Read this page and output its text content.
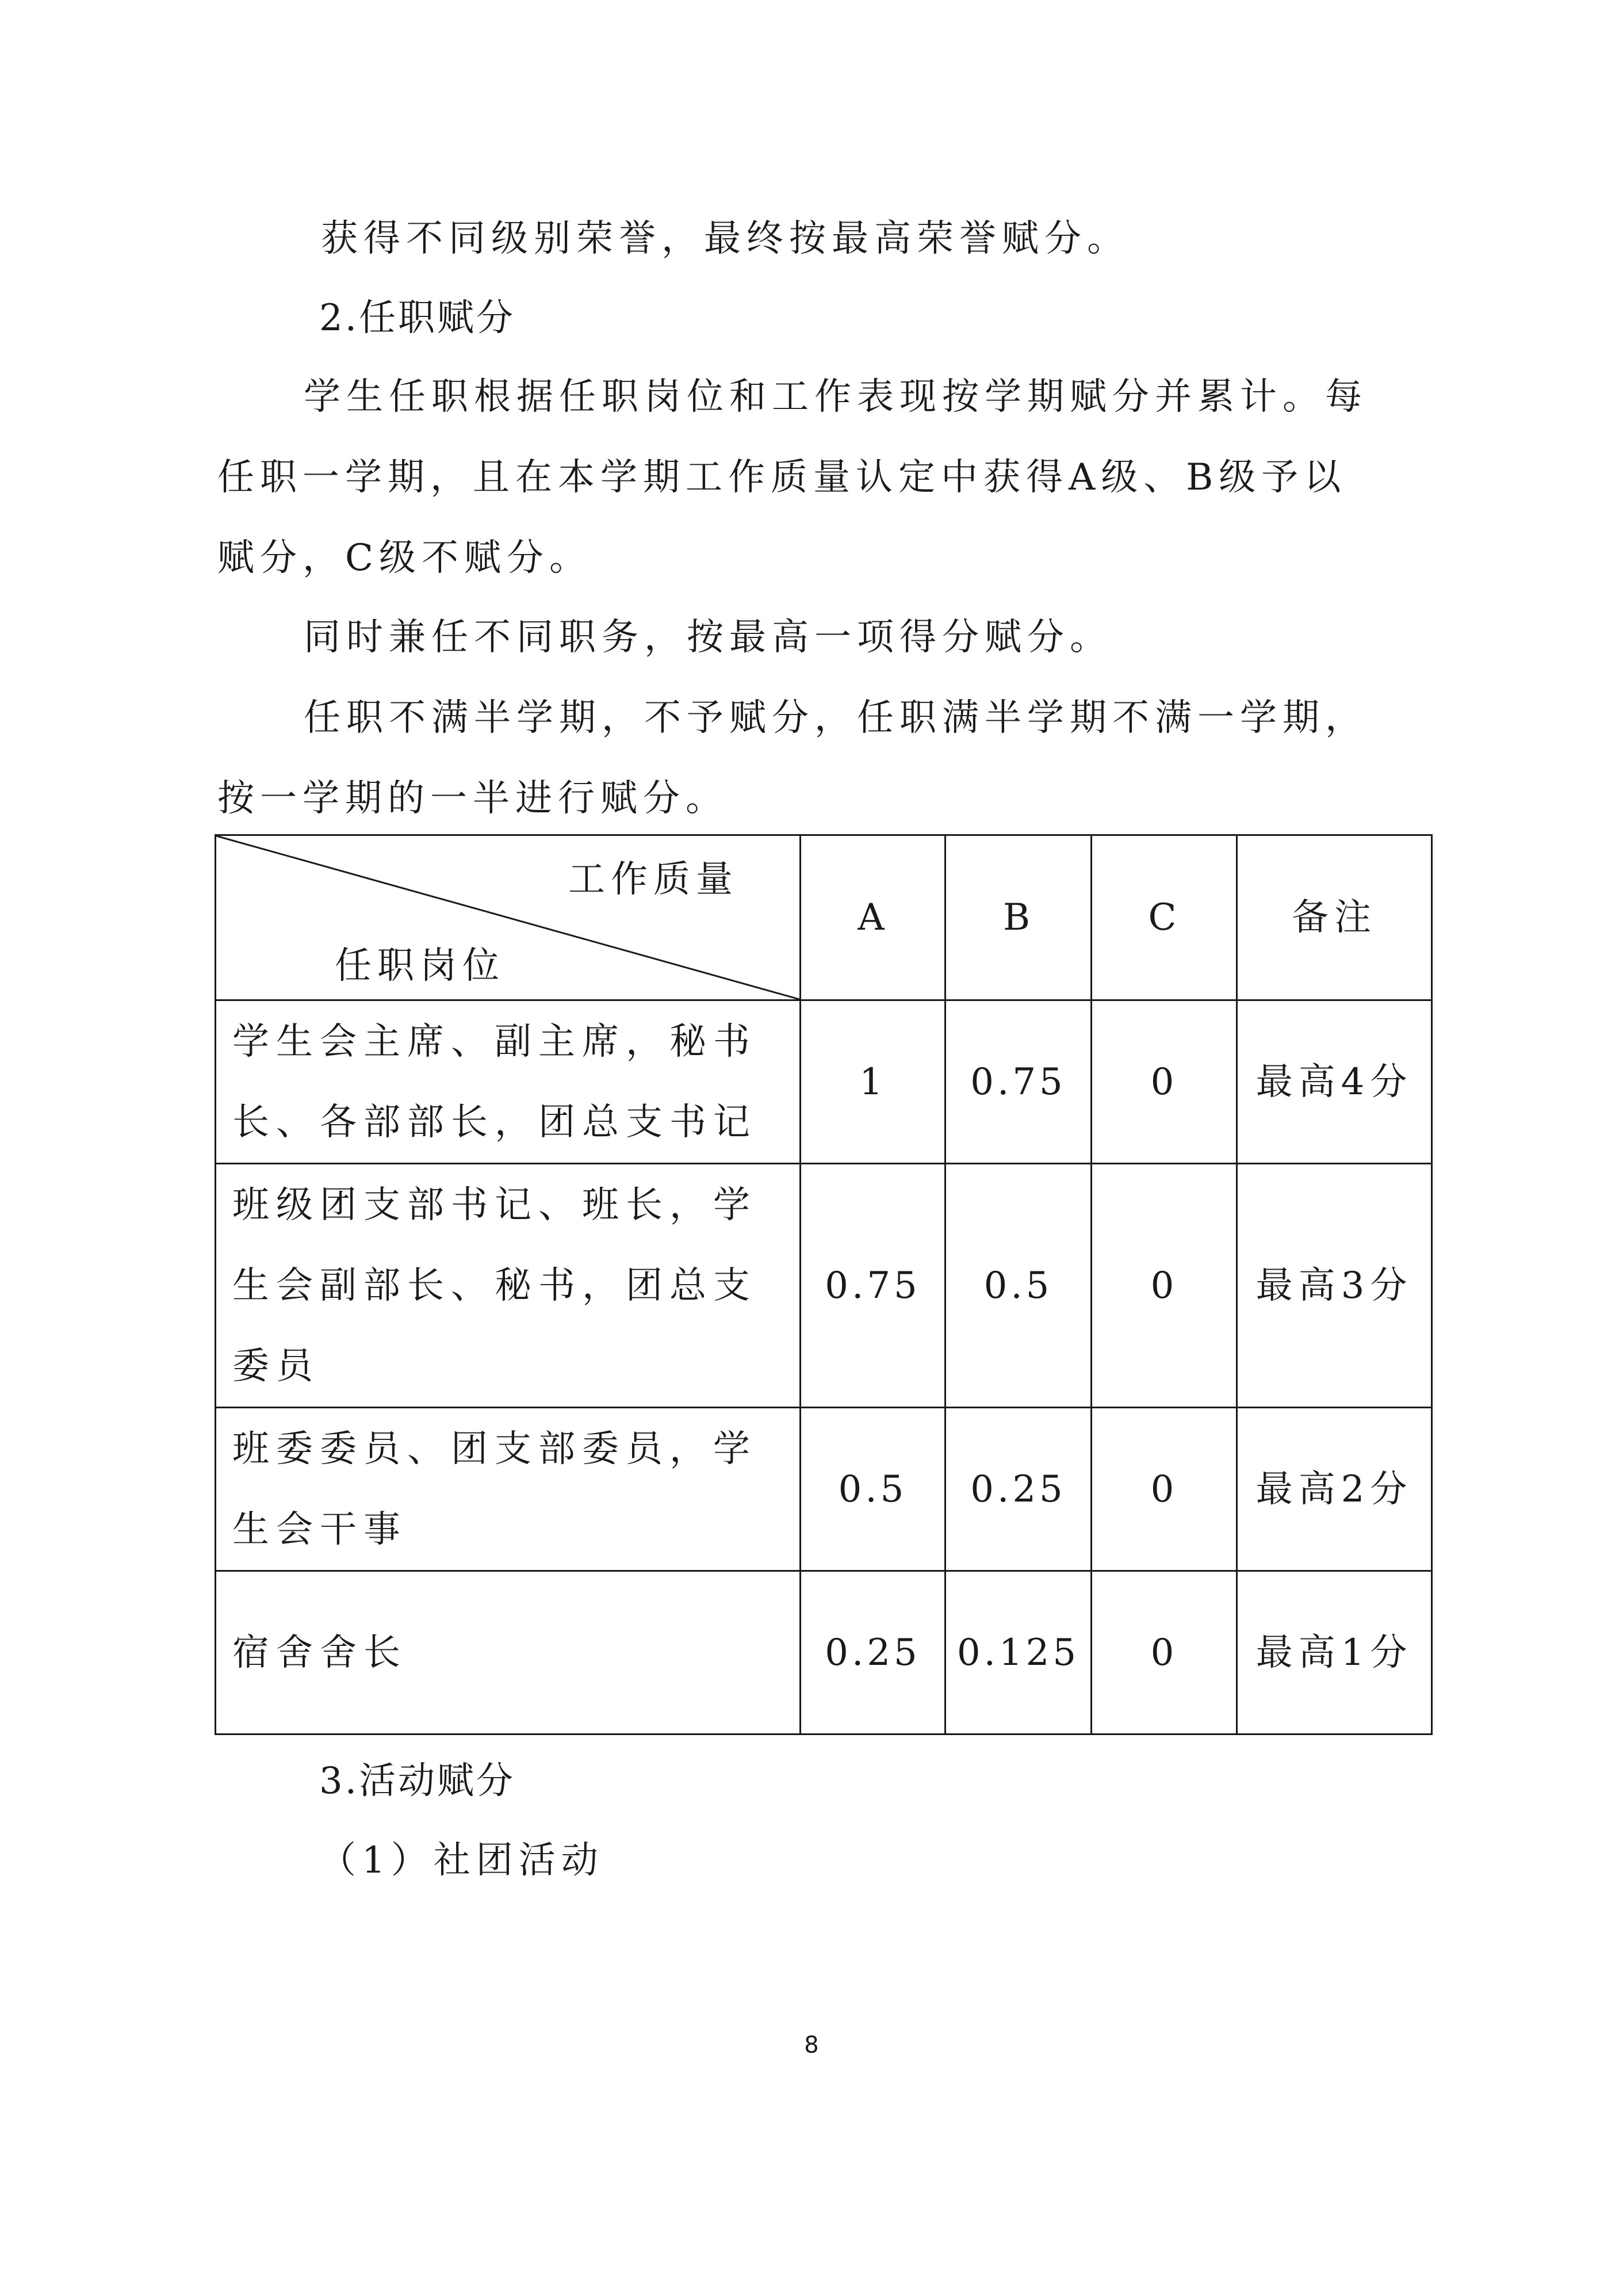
获得不同级别荣誉，最终按最高荣誉赋分。
2.任职赋分
学生任职根据任职岗位和工作表现按学期赋分并累计。每
任职一学期，且在本学期工作质量认定中获得A级、B级予以
赋分，C级不赋分。
同时兼任不同职务，按最高一项得分赋分。
任职不满半学期，不予赋分，任职满半学期不满一学期，
按一学期的一半进行赋分。
工作质量
任职岗位	A	B	C	备注
学生会主席、副主席，秘书长、各部部长，团总支书记	1	0.75	0	最高4分
班级团支部书记、班长，学生会副部长、秘书，团总支委员	0.75	0.5	0	最高3分
班委委员、团支部委员，学生会干事	0.5	0.25	0	最高2分
宿舍舍长	0.25	0.125	0	最高1分
3.活动赋分
（1）社团活动
8
